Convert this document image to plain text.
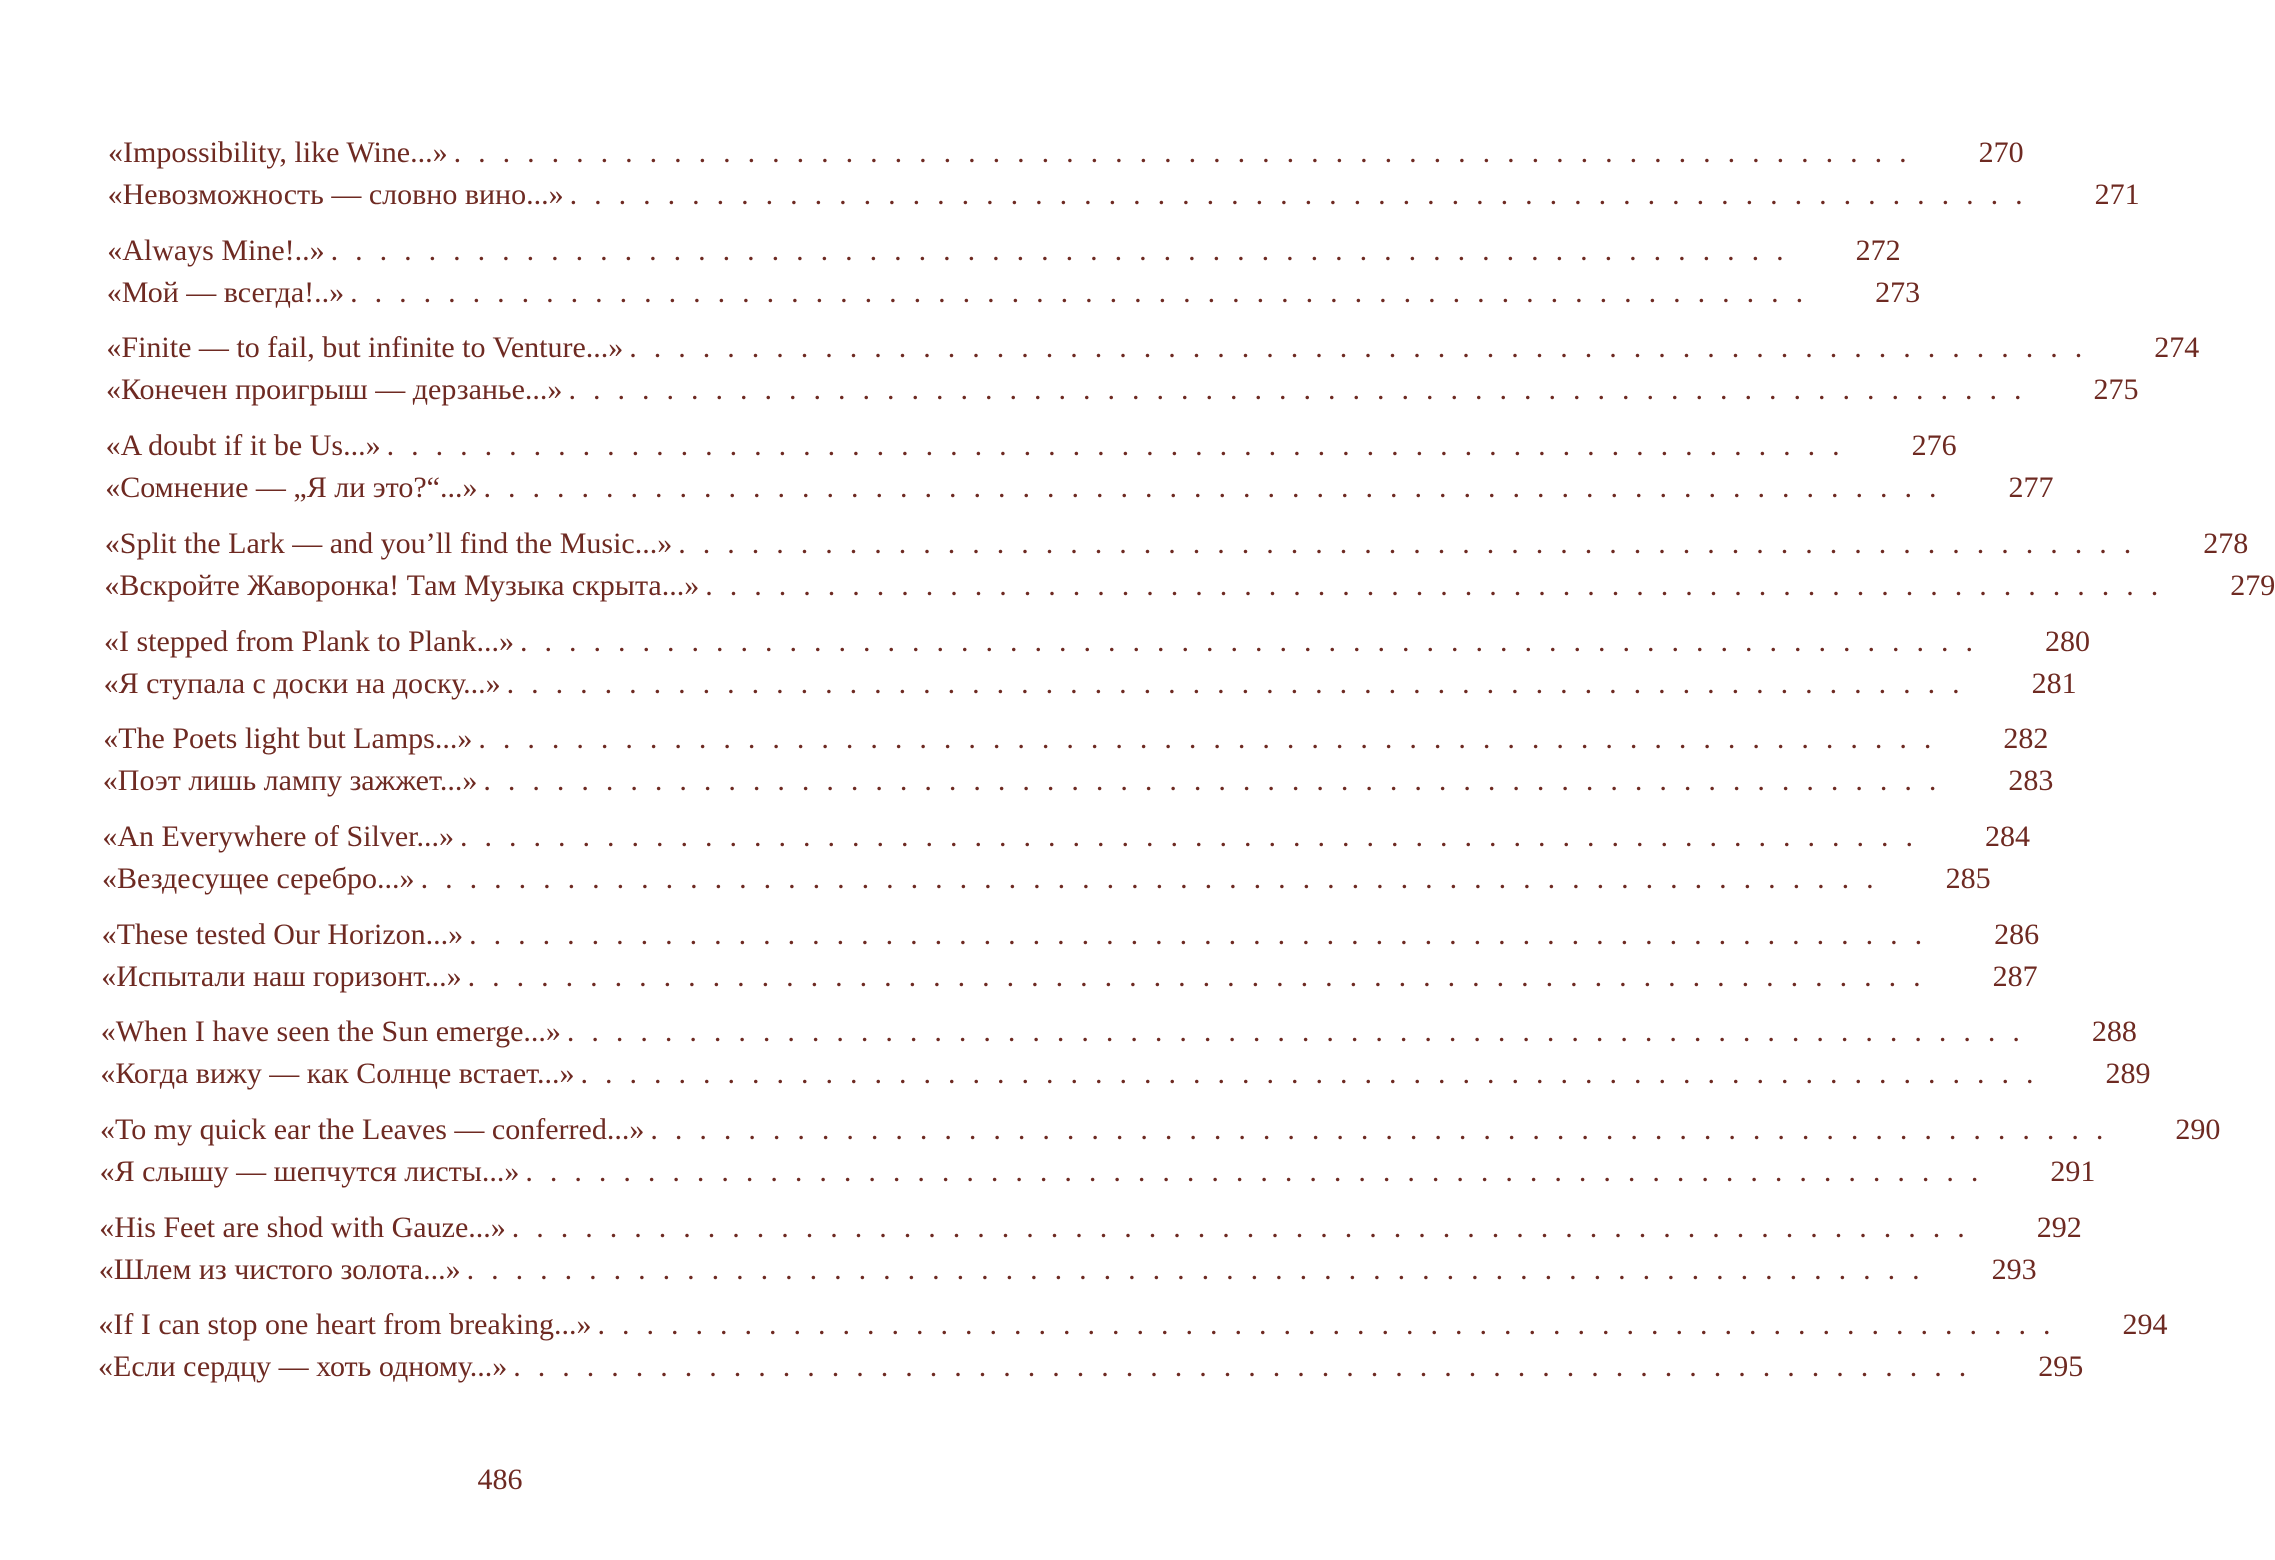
«Impossibility, like Wine...» ............................................................ 270
«Невозможность — словно вино...» ............................................................ 271
«Always Mine!..» ............................................................ 272
«Мой — всегда!..» ............................................................ 273
«Finite — to fail, but infinite to Venture...» ............................................................ 274
«Конечен проигрыш — дерзанье...» ............................................................ 275
«A doubt if it be Us...» ............................................................ 276
«Сомнение — „Я ли это?“...» ............................................................ 277
«Split the Lark — and you’ll find the Music...» ............................................................ 278
«Вскройте Жаворонка! Там Музыка скрыта...» ............................................................ 279
«I stepped from Plank to Plank...» ............................................................ 280
«Я ступала с доски на доску...» ............................................................ 281
«The Poets light but Lamps...» ............................................................ 282
«Поэт лишь лампу зажжет...» ............................................................ 283
«An Everywhere of Silver...» ............................................................ 284
«Вездесущее серебро...» ............................................................ 285
«These tested Our Horizon...» ............................................................ 286
«Испытали наш горизонт...» ............................................................ 287
«When I have seen the Sun emerge...» ............................................................ 288
«Когда вижу — как Солнце встает...» ............................................................ 289
«To my quick ear the Leaves — conferred...» ............................................................ 290
«Я слышу — шепчутся листы...» ............................................................ 291
«His Feet are shod with Gauze...» ............................................................ 292
«Шлем из чистого золота...» ............................................................ 293
«If I can stop one heart from breaking...» ............................................................ 294
«Если сердцу — хоть одному...» ............................................................ 295
486
